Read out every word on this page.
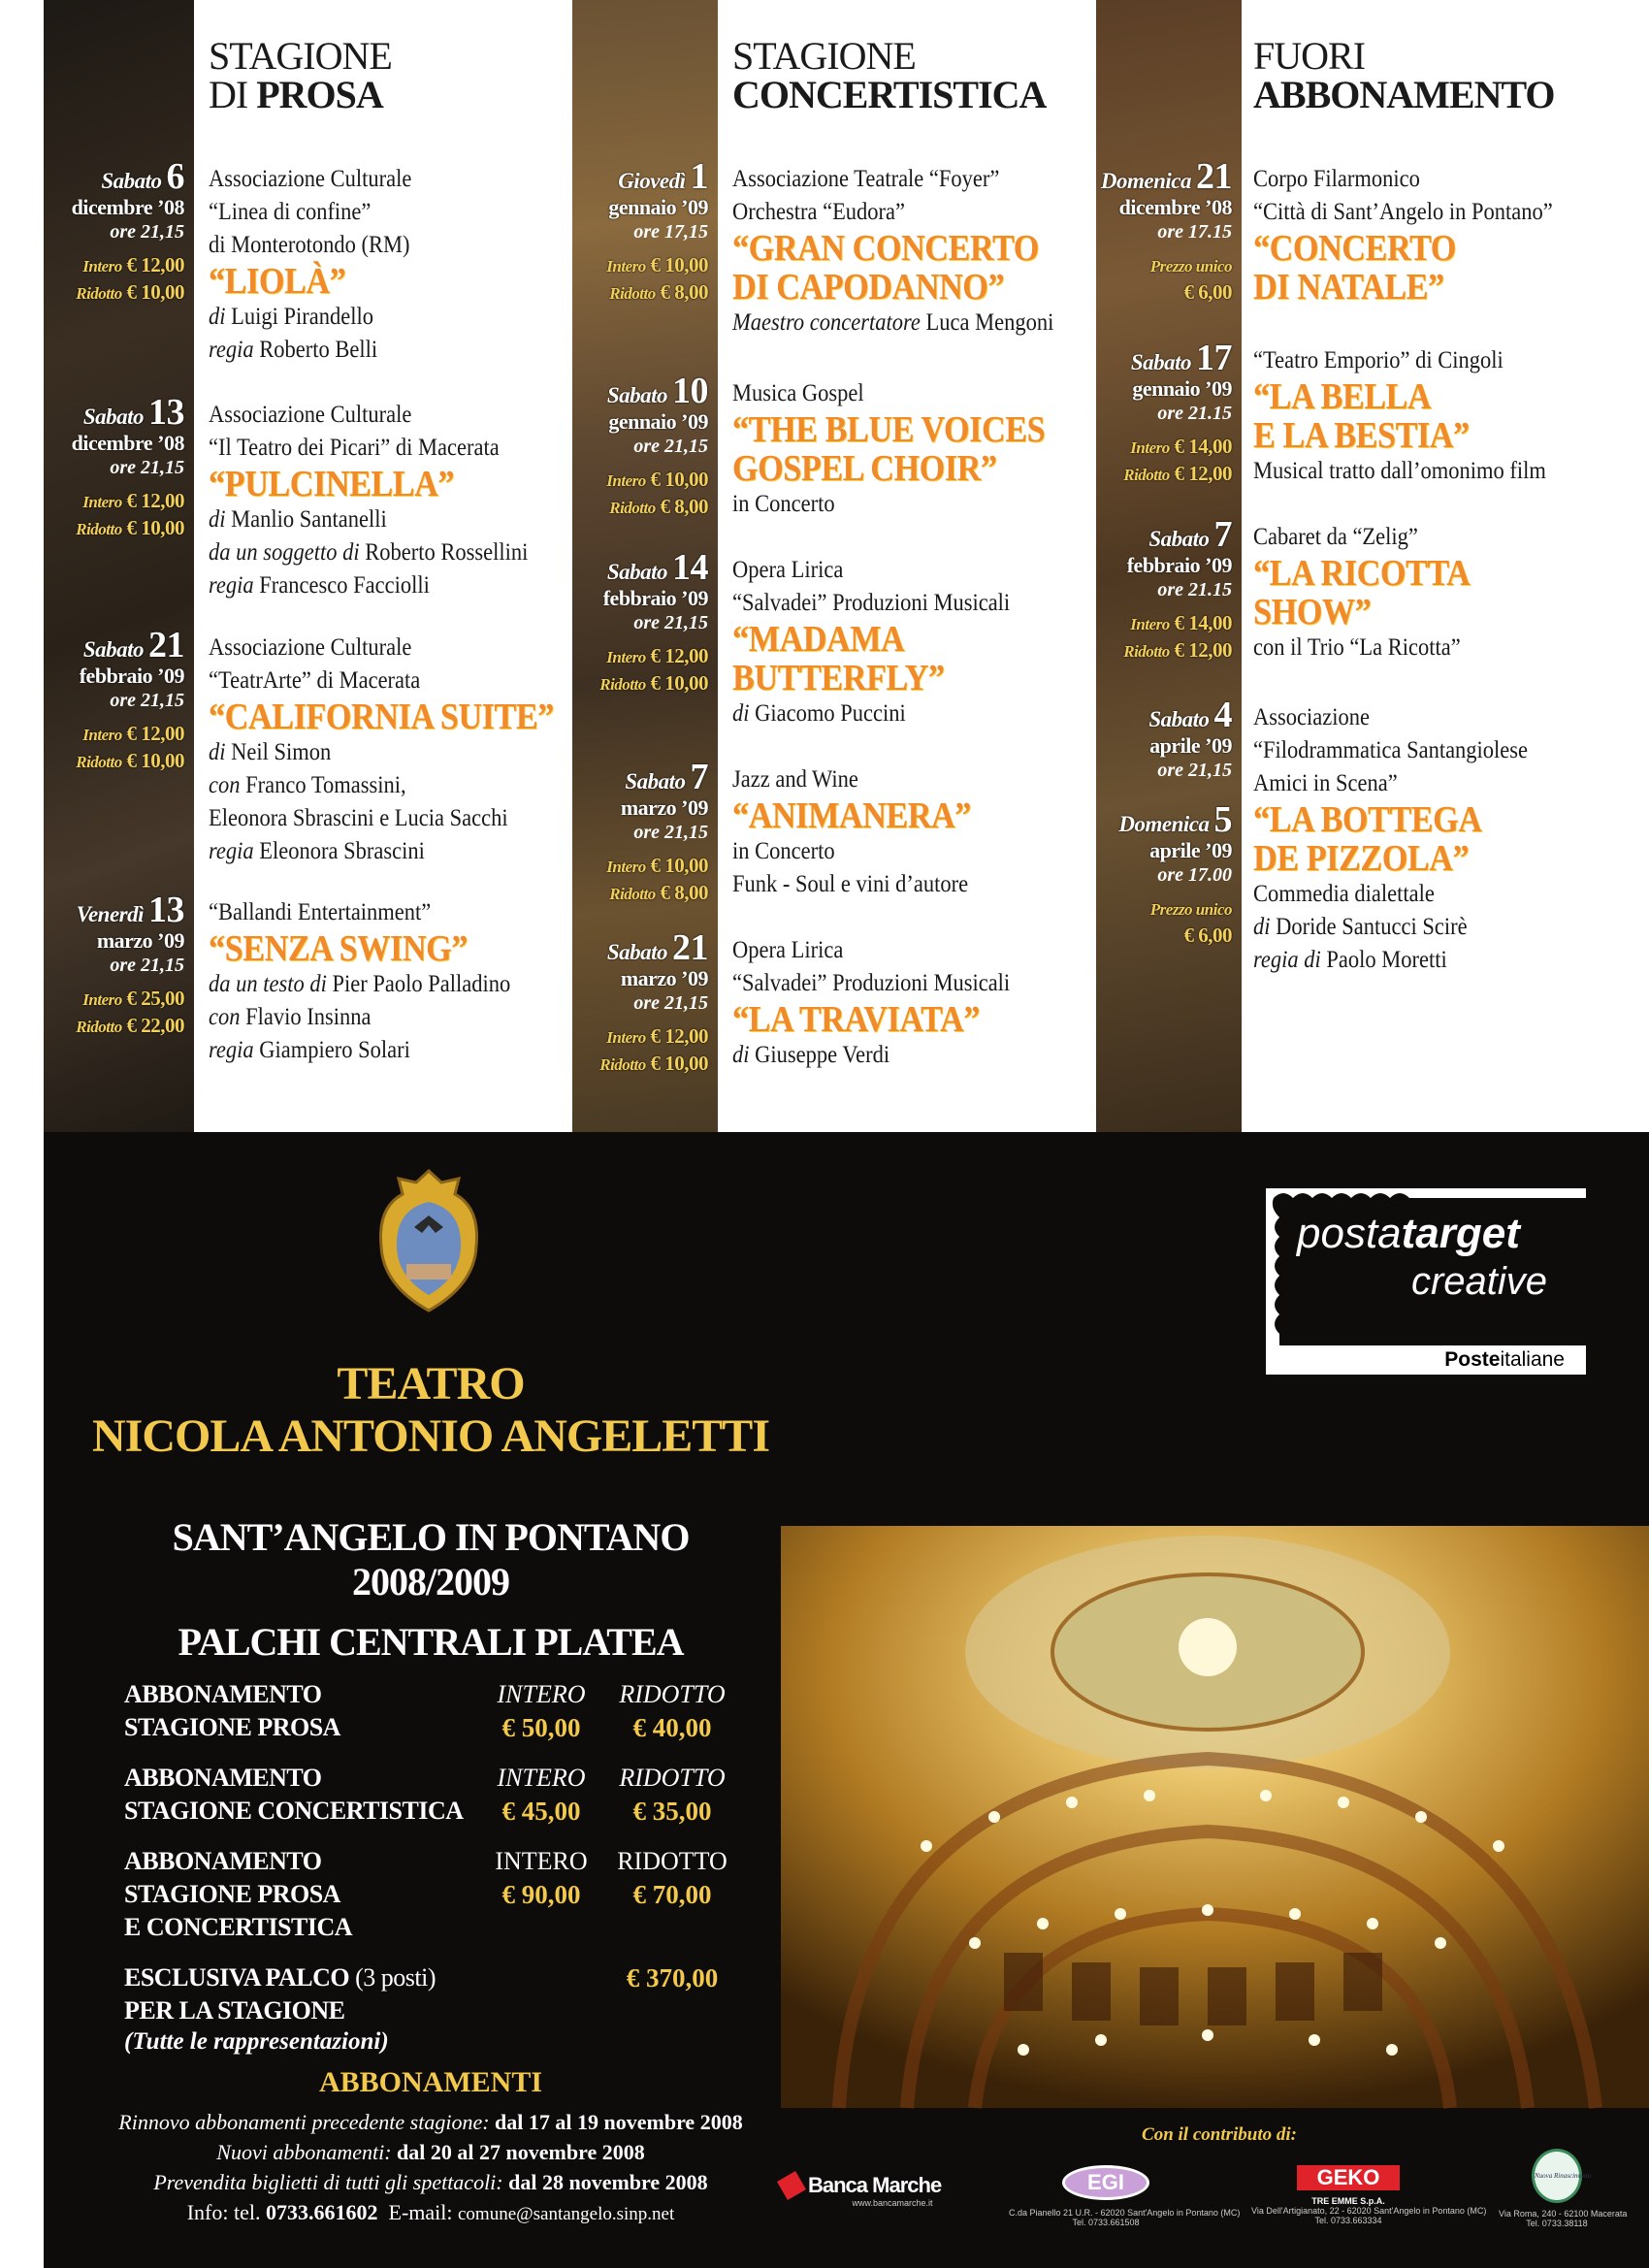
STAGIONE
DI PROSA
Sabato 6
dicembre ’08
ore 21,15
Intero € 12,00
Ridotto € 10,00
Associazione Culturale
“Linea di confine”
di Monterotondo (RM)
“LIOLÀ”
di Luigi Pirandello
regia Roberto Belli
Sabato 13
dicembre ’08
ore 21,15
Intero € 12,00
Ridotto € 10,00
Associazione Culturale
“Il Teatro dei Picari” di Macerata
“PULCINELLA”
di Manlio Santanelli
da un soggetto di Roberto Rossellini
regia Francesco Facciolli
Sabato 21
febbraio ’09
ore 21,15
Intero € 12,00
Ridotto € 10,00
Associazione Culturale
“TeatrArte” di Macerata
“CALIFORNIA SUITE”
di Neil Simon
con Franco Tomassini,
Eleonora Sbrascini e Lucia Sacchi
regia Eleonora Sbrascini
Venerdì 13
marzo ’09
ore 21,15
Intero € 25,00
Ridotto € 22,00
“Ballandi Entertainment”
“SENZA SWING”
da un testo di Pier Paolo Palladino
con Flavio Insinna
regia Giampiero Solari
STAGIONE
CONCERTISTICA
Giovedì 1
gennaio ’09
ore 17,15
Intero € 10,00
Ridotto € 8,00
Associazione Teatrale “Foyer”
Orchestra “Eudora”
“GRAN CONCERTO
DI CAPODANNO”
Maestro concertatore Luca Mengoni
Sabato 10
gennaio ’09
ore 21,15
Intero € 10,00
Ridotto € 8,00
Musica Gospel
“THE BLUE VOICES
GOSPEL CHOIR”
in Concerto
Sabato 14
febbraio ’09
ore 21,15
Intero € 12,00
Ridotto € 10,00
Opera Lirica
“Salvadei” Produzioni Musicali
“MADAMA
BUTTERFLY”
di Giacomo Puccini
Sabato 7
marzo ’09
ore 21,15
Intero € 10,00
Ridotto € 8,00
Jazz and Wine
“ANIMANERA”
in Concerto
Funk - Soul e vini d’autore
Sabato 21
marzo ’09
ore 21,15
Intero € 12,00
Ridotto € 10,00
Opera Lirica
“Salvadei” Produzioni Musicali
“LA TRAVIATA”
di Giuseppe Verdi
FUORI
ABBONAMENTO
Domenica 21
dicembre ’08
ore 17.15
Prezzo unico
€ 6,00
Corpo Filarmonico
“Città di Sant’Angelo in Pontano”
“CONCERTO
DI NATALE”
Sabato 17
gennaio ’09
ore 21.15
Intero € 14,00
Ridotto € 12,00
“Teatro Emporio” di Cingoli
“LA BELLA
E LA BESTIA”
Musical tratto dall’omonimo film
Sabato 7
febbraio ’09
ore 21.15
Intero € 14,00
Ridotto € 12,00
Cabaret da “Zelig”
“LA RICOTTA
SHOW”
con il Trio “La Ricotta”
Sabato 4
aprile ’09
ore 21,15
Domenica 5
aprile ’09
ore 17.00
Prezzo unico
€ 6,00
Associazione
“Filodrammatica Santangiolese
Amici in Scena”
“LA BOTTEGA
DE PIZZOLA”
Commedia dialettale
di Doride Santucci Scirè
regia di Paolo Moretti
TEATRO
NICOLA ANTONIO ANGELETTI
SANT’ANGELO IN PONTANO
2008/2009
PALCHI CENTRALI PLATEA
ABBONAMENTO
STAGIONE PROSA
INTERO	RIDOTTO
€ 50,00	€ 40,00
ABBONAMENTO
STAGIONE CONCERTISTICA
INTERO	RIDOTTO
€ 45,00	€ 35,00
ABBONAMENTO
STAGIONE PROSA
E CONCERTISTICA
INTERO	RIDOTTO
€ 90,00	€ 70,00
ESCLUSIVA PALCO (3 posti)
PER LA STAGIONE
(Tutte le rappresentazioni)
€ 370,00
ABBONAMENTI
Rinnovo abbonamenti precedente stagione: dal 17 al 19 novembre 2008
Nuovi abbonamenti: dal 20 al 27 novembre 2008
Prevendita biglietti di tutti gli spettacoli: dal 28 novembre 2008
Info: tel. 0733.661602  E-mail: comune@santangelo.sinp.net
postatarget
creative
Posteitaliane
Con il contributo di:
Banca Marche
www.bancamarche.it
EGI
C.da Pianello 21 U.R. - 62020 Sant'Angelo in Pontano (MC)
Tel. 0733.661508
GEKO
TRE EMME S.p.A.
Via Dell'Artigianato, 22 - 62020 Sant'Angelo in Pontano (MC)
Tel. 0733.663334
Nuova Rinascimento
Via Roma, 240 - 62100 Macerata
Tel. 0733.38118
